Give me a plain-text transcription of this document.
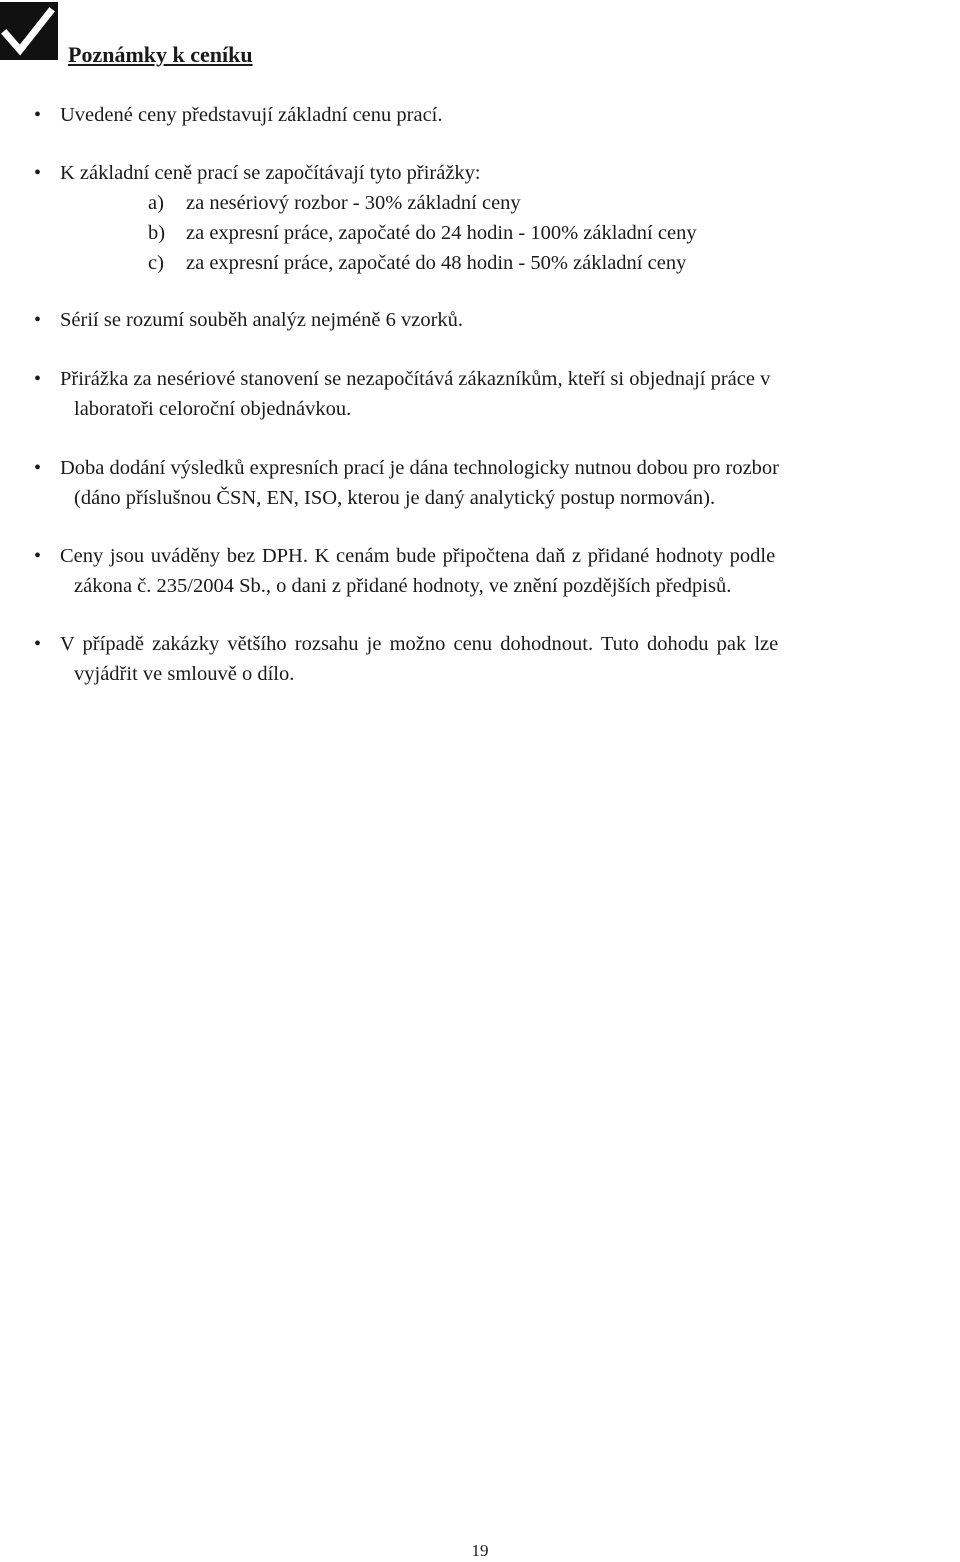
Poznámky k ceníku
• Uvedené ceny představují základní cenu prací.
• K základní ceně prací se započítávají tyto přirážky:
a) za nesériový rozbor - 30% základní ceny
b) za expresní práce, započaté do 24 hodin - 100% základní ceny
c) za expresní práce, započaté do 48 hodin - 50% základní ceny
• Sérií se rozumí souběh analýz nejméně 6 vzorků.
• Přirážka za nesériové stanovení se nezapočítává zákazníkům, kteří si objednají práce v
laboratoři celoroční objednávkou.
• Doba dodání výsledků expresních prací je dána technologicky nutnou dobou pro rozbor
(dáno příslušnou ČSN, EN, ISO, kterou je daný analytický postup normován).
• Ceny jsou uváděny bez DPH. K cenám bude připočtena daň z přidané hodnoty podle
zákona č. 235/2004 Sb., o dani z přidané hodnoty, ve znění pozdějších předpisů.
• V případě zakázky většího rozsahu je možno cenu dohodnout. Tuto dohodu pak lze
vyjádřit ve smlouvě o dílo.
19
